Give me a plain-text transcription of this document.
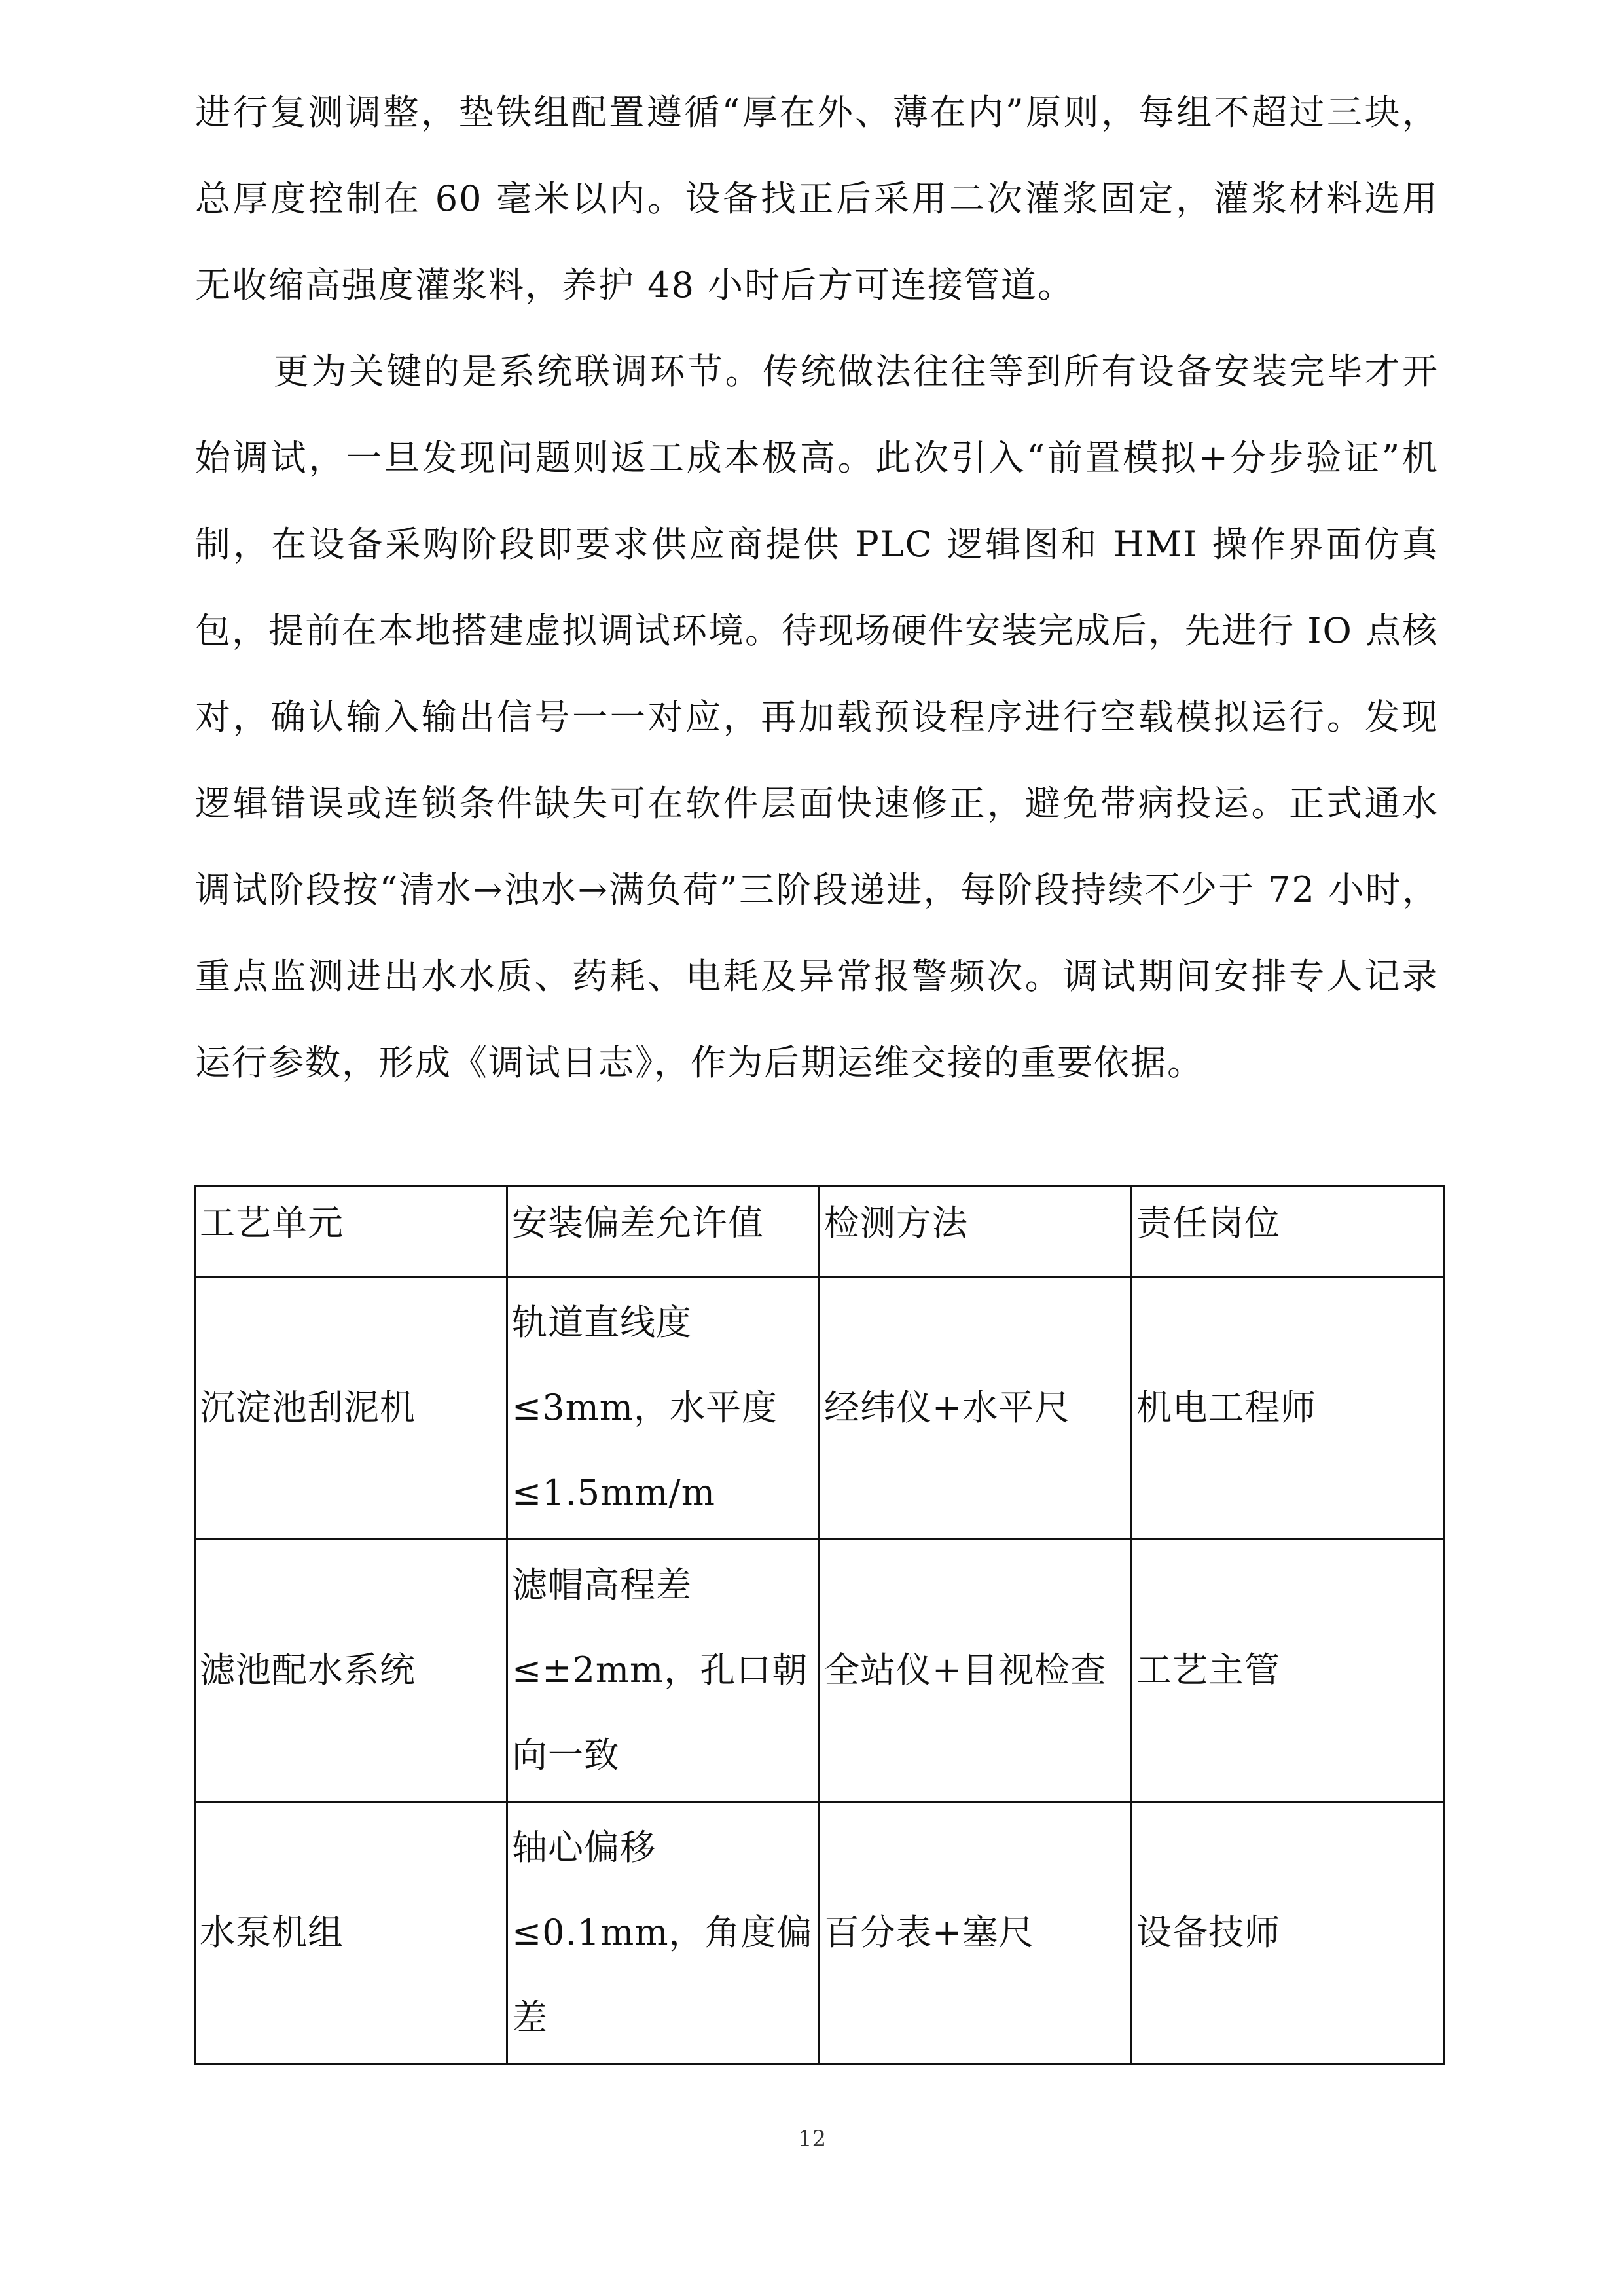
进行复测调整，垫铁组配置遵循“厚在外、薄在内”原则，每组不超过三块，总厚度控制在 60 毫米以内。设备找正后采用二次灌浆固定，灌浆材料选用无收缩高强度灌浆料，养护 48 小时后方可连接管道。

更为关键的是系统联调环节。传统做法往往等到所有设备安装完毕才开始调试，一旦发现问题则返工成本极高。此次引入“前置模拟+分步验证”机制，在设备采购阶段即要求供应商提供 PLC 逻辑图和 HMI 操作界面仿真包，提前在本地搭建虚拟调试环境。待现场硬件安装完成后，先进行 IO 点核对，确认输入输出信号一一对应，再加载预设程序进行空载模拟运行。发现逻辑错误或连锁条件缺失可在软件层面快速修正，避免带病投运。正式通水调试阶段按“清水→浊水→满负荷”三阶段递进，每阶段持续不少于 72 小时，重点监测进出水水质、药耗、电耗及异常报警频次。调试期间安排专人记录运行参数，形成《调试日志》，作为后期运维交接的重要依据。

工艺单元	安装偏差允许值	检测方法	责任岗位
沉淀池刮泥机	轨道直线度≤3mm，水平度≤1.5mm/m	经纬仪+水平尺	机电工程师
滤池配水系统	滤帽高程差≤±2mm，孔口朝向一致	全站仪+目视检查	工艺主管
水泵机组	轴心偏移≤0.1mm，角度偏差	百分表+塞尺	设备技师
12
